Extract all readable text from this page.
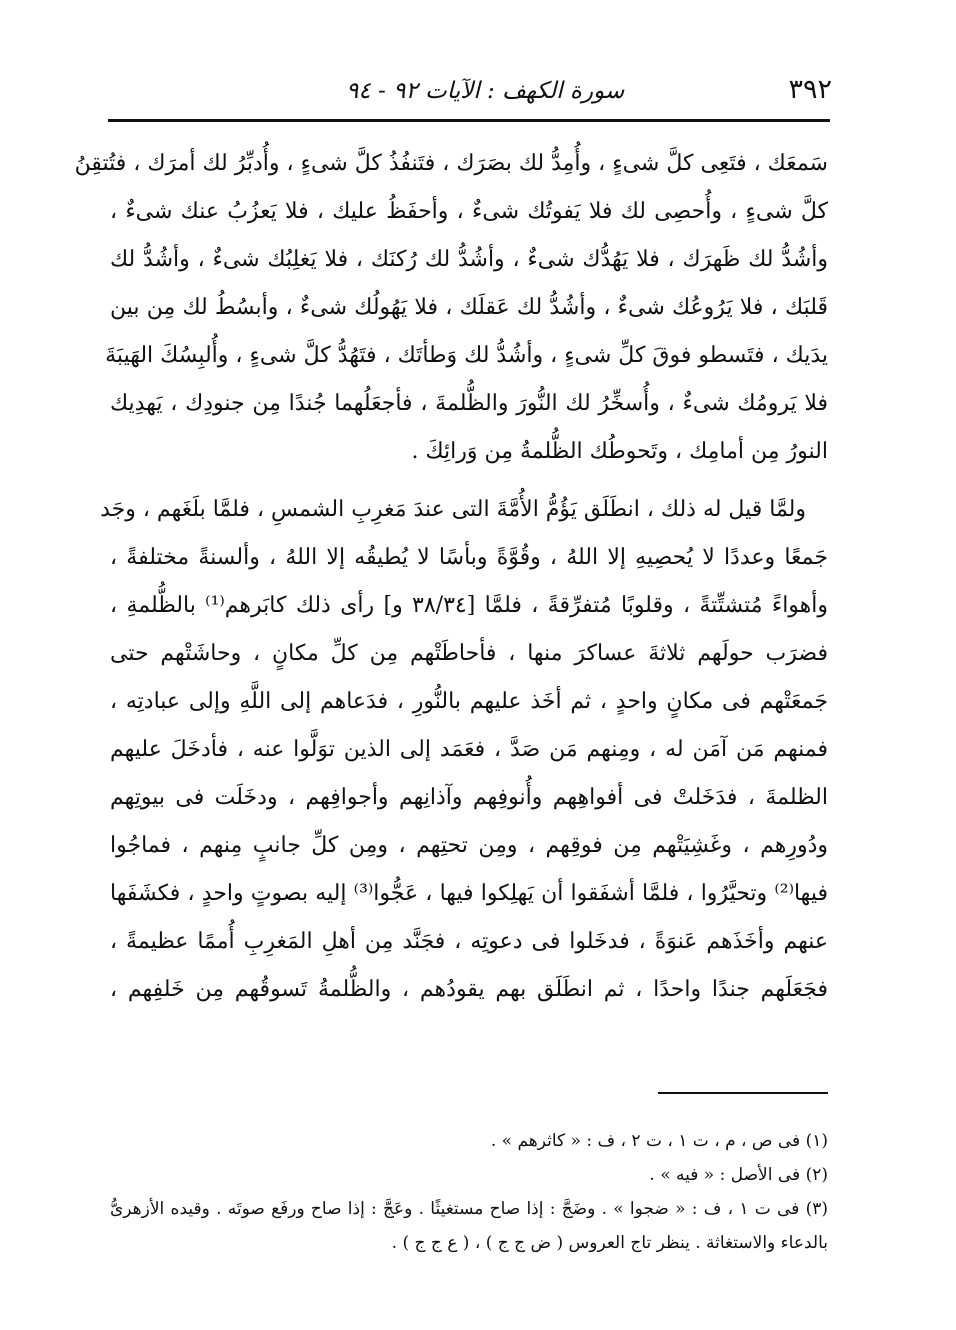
٣٩٢
سورة الكهف : الآيات ٩٢ - ٩٤
سَمعَك ، فتَعِى كلَّ شىءٍ ، وأُمِدُّ لك بصَرَك ، فتَنفُذُ كلَّ شىءٍ ، وأُدبِّرُ لك أمرَك ، فتُتقِنُ
كلَّ شىءٍ ، وأُحصِى لك فلا يَفوتُك شىءٌ ، وأحفَظُ عليك ، فلا يَعزُبُ عنك شىءٌ ،
وأشُدُّ لك ظَهرَك ، فلا يَهُدُّك شىءٌ ، وأشُدُّ لك رُكنَك ، فلا يَغلِبُك شىءٌ ، وأشُدُّ لك
قَلبَك ، فلا يَرُوعُك شىءٌ ، وأشُدُّ لك عَقلَك ، فلا يَهُولُك شىءٌ ، وأبسُطُ لك مِن بين
يدَيك ، فتَسطو فوقَ كلِّ شىءٍ ، وأشُدُّ لك وَطأتَك ، فتَهُدُّ كلَّ شىءٍ ، وأُلبِسُكَ الهَيبَةَ
فلا يَرومُك شىءٌ ، وأُسخِّرُ لك النُّورَ والظُّلمةَ ، فأجعَلُهما جُندًا مِن جنودِك ، يَهدِيك
النورُ مِن أمامِك ، وتَحوطُك الظُّلمةُ مِن وَرائِكَ .
ولمَّا قيل له ذلك ، انطَلَق يَؤُمُّ الأُمَّةَ التى عندَ مَغرِبِ الشمسِ ، فلمَّا بلَغَهم ، وجَد
جَمعًا وعددًا لا يُحصِيهِ إلا اللهُ ، وقُوَّةً وبأسًا لا يُطيقُه إلا اللهُ ، وألسنةً مختلفةً ،
وأهواءً مُتشتِّتةً ، وقلوبًا مُتفرِّقةً ، فلمَّا [٣٨/٣٤ و] رأى ذلك كابَرهم⁽¹⁾ بالظُّلمةِ ،
فضرَب حولَهم ثلاثةَ عساكرَ منها ، فأحاطَتْهم مِن كلِّ مكانٍ ، وحاشَتْهم حتى
جَمعَتْهم فى مكانٍ واحدٍ ، ثم أخَذ عليهم بالنُّورِ ، فدَعاهم إلى اللَّهِ وإلى عبادتِه ،
فمنهم مَن آمَن له ، ومِنهم مَن صَدَّ ، فعَمَد إلى الذين توَلَّوا عنه ، فأدخَلَ عليهم
الظلمةَ ، فدَخَلتْ فى أفواهِهم وأُنوفِهم وآذانِهم وأجوافِهم ، ودخَلَت فى بيوتِهم
ودُورِهم ، وغَشِيَتْهم مِن فوقِهم ، ومِن تحتِهم ، ومِن كلِّ جانبٍ مِنهم ، فماجُوا
فيها⁽²⁾ وتحيَّرُوا ، فلمَّا أشفَقوا أن يَهلِكوا فيها ، عَجُّوا⁽³⁾ إليه بصوتٍ واحدٍ ، فكشَفَها
عنهم وأخَذَهم عَنوَةً ، فدخَلوا فى دعوتِه ، فجَنَّد مِن أهلِ المَغرِبِ أُممًا عظيمةً ،
فجَعَلَهم جندًا واحدًا ، ثم انطَلَق بهم يقودُهم ، والظُّلمةُ تَسوقُهم مِن خَلفِهم ،
(١) فى ص ، م ، ت ١ ، ت ٢ ، ف : « كاثرهم » .
(٢) فى الأصل : « فيه » .
(٣) فى ت ١ ، ف : « ضجوا » . وضَجَّ : إذا صاح مستغيثًا . وعَجَّ : إذا صاح ورفَع صوتَه . وقيده الأزهرىُّ
بالدعاء والاستغاثة . ينظر تاج العروس ( ض ج ج ) ، ( ع ج ج ) .
